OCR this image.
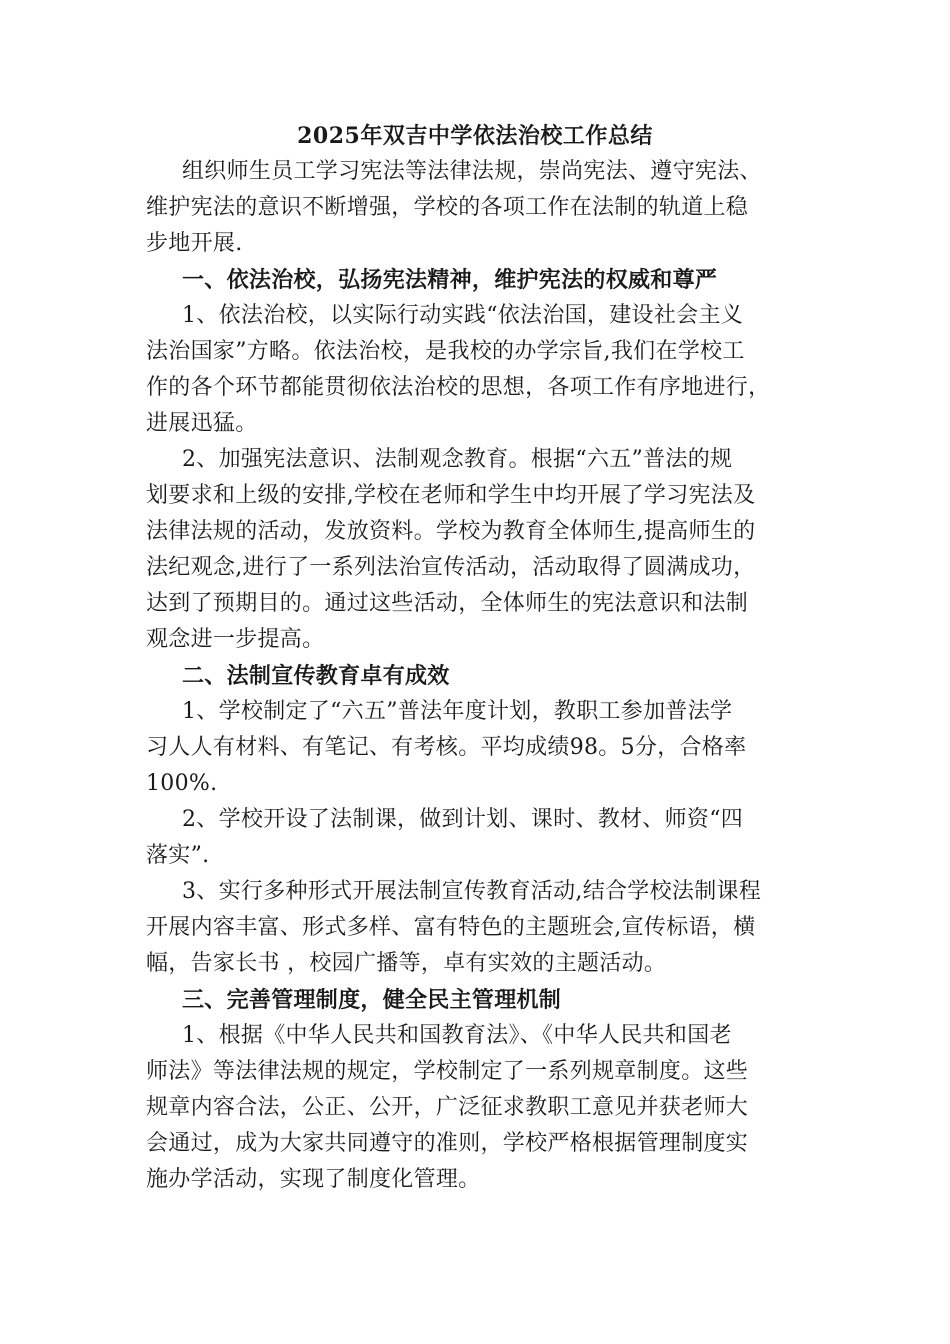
2025年双吉中学依法治校工作总结
组织师生员工学习宪法等法律法规，崇尚宪法、遵守宪法、
维护宪法的意识不断增强，学校的各项工作在法制的轨道上稳
步地开展.
一、依法治校，弘扬宪法精神，维护宪法的权威和尊严
1、依法治校，以实际行动实践“依法治国，建设社会主义
法治国家”方略。依法治校，是我校的办学宗旨,我们在学校工
作的各个环节都能贯彻依法治校的思想，各项工作有序地进行，
进展迅猛。
2、加强宪法意识、法制观念教育。根据“六五”普法的规
划要求和上级的安排,学校在老师和学生中均开展了学习宪法及
法律法规的活动，发放资料。学校为教育全体师生,提高师生的
法纪观念,进行了一系列法治宣传活动，活动取得了圆满成功，
达到了预期目的。通过这些活动，全体师生的宪法意识和法制
观念进一步提高。
二、法制宣传教育卓有成效
1、学校制定了“六五”普法年度计划，教职工参加普法学
习人人有材料、有笔记、有考核。平均成绩98。5分，合格率
100%.
2、学校开设了法制课，做到计划、课时、教材、师资“四
落实”.
3、实行多种形式开展法制宣传教育活动,结合学校法制课程
开展内容丰富、形式多样、富有特色的主题班会,宣传标语，横
幅，告家长书 ，校园广播等，卓有实效的主题活动。
三、完善管理制度，健全民主管理机制
1、根据《中华人民共和国教育法》、《中华人民共和国老
师法》等法律法规的规定，学校制定了一系列规章制度。这些
规章内容合法，公正、公开，广泛征求教职工意见并获老师大
会通过，成为大家共同遵守的准则，学校严格根据管理制度实
施办学活动，实现了制度化管理。
